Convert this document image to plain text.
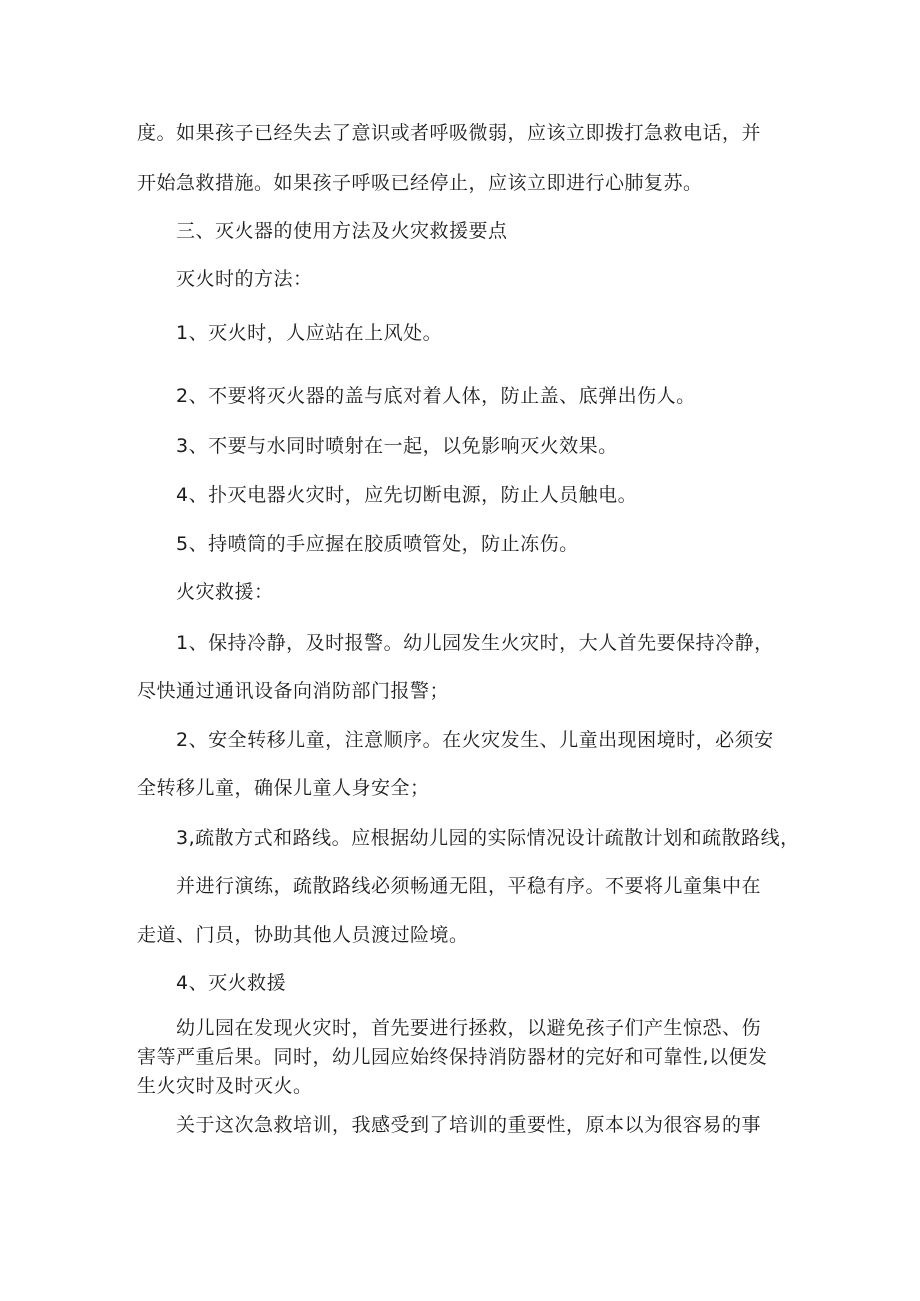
度。如果孩子已经失去了意识或者呼吸微弱，应该立即拨打急救电话，并

开始急救措施。如果孩子呼吸已经停止，应该立即进行心肺复苏。

三、灭火器的使用方法及火灾救援要点

灭火时的方法：

1、灭火时，人应站在上风处。

2、不要将灭火器的盖与底对着人体，防止盖、底弹出伤人。

3、不要与水同时喷射在一起，以免影响灭火效果。

4、扑灭电器火灾时，应先切断电源，防止人员触电。

5、持喷筒的手应握在胶质喷管处，防止冻伤。

火灾救援：

1、保持冷静，及时报警。幼儿园发生火灾时，大人首先要保持冷静，

尽快通过通讯设备向消防部门报警；

2、安全转移儿童，注意顺序。在火灾发生、儿童出现困境时，必须安

全转移儿童，确保儿童人身安全；

3,疏散方式和路线。应根据幼儿园的实际情况设计疏散计划和疏散路线，

并进行演练，疏散路线必须畅通无阻，平稳有序。不要将儿童集中在

走道、门员，协助其他人员渡过险境。

4、灭火救援

幼儿园在发现火灾时，首先要进行拯救，以避免孩子们产生惊恐、伤

害等严重后果。同时，幼儿园应始终保持消防器材的完好和可靠性,以便发

生火灾时及时灭火。

关于这次急救培训，我感受到了培训的重要性，原本以为很容易的事
